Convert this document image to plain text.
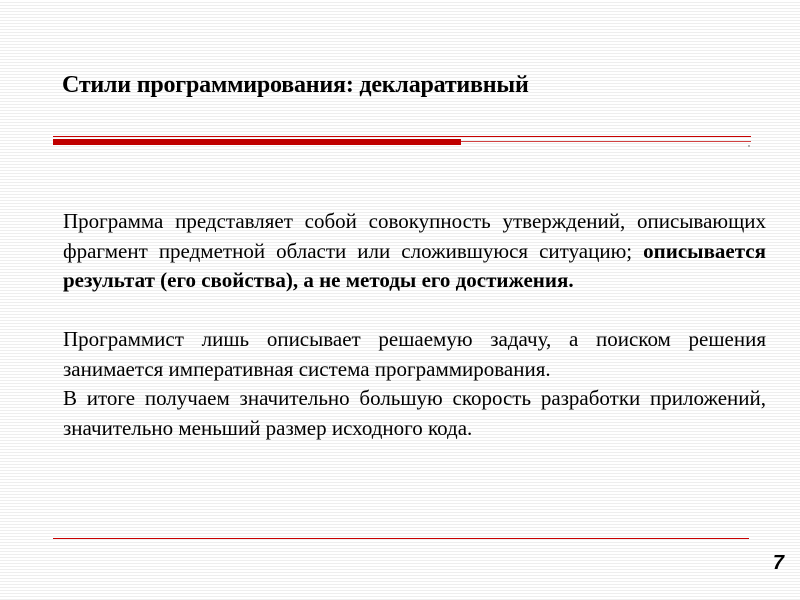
Стили программирования: декларативный

Программа представляет собой совокупность утверждений, описывающих фрагмент предметной области или сложившуюся ситуацию; описывается результат (его свойства), а не методы его достижения.

Программист лишь описывает решаемую задачу, а поиском решения занимается императивная система программирования.

В итоге получаем значительно большую скорость разработки приложений, значительно меньший размер исходного кода.

7
